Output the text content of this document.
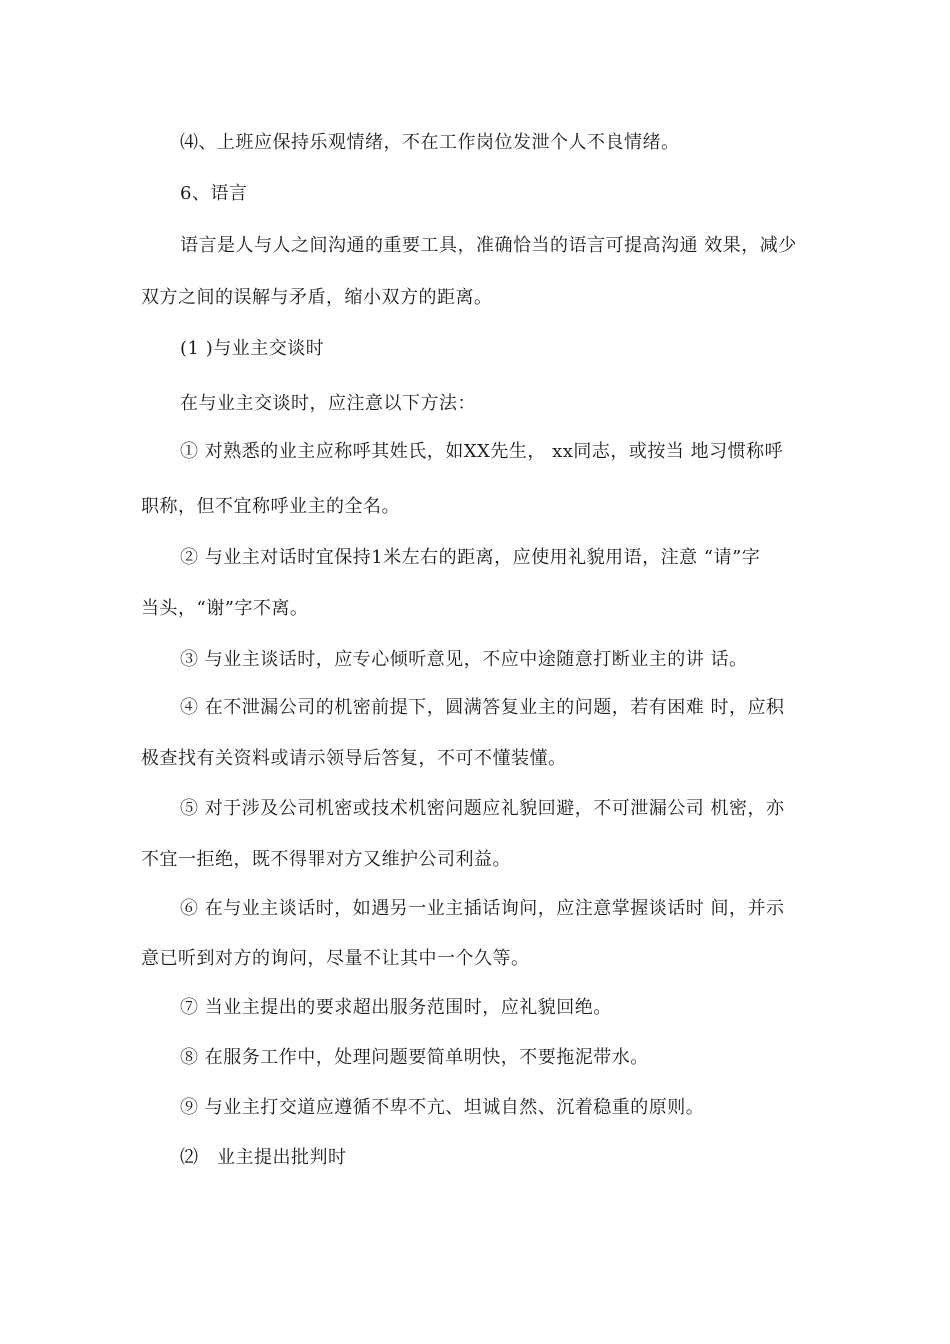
⑷、上班应保持乐观情绪，不在工作岗位发泄个人不良情绪。
6、语言
语言是人与人之间沟通的重要工具，准确恰当的语言可提高沟通 效果，减少
双方之间的误解与矛盾，缩小双方的距离。
(1 )与业主交谈时
在与业主交谈时，应注意以下方法：
① 对熟悉的业主应称呼其姓氏，如XX先生， xx同志，或按当 地习惯称呼
职称，但不宜称呼业主的全名。
② 与业主对话时宜保持1米左右的距离，应使用礼貌用语，注意 “请”字
当头，“谢”字不离。
③ 与业主谈话时，应专心倾听意见，不应中途随意打断业主的讲 话。
④ 在不泄漏公司的机密前提下，圆满答复业主的问题，若有困难 时，应积
极查找有关资料或请示领导后答复，不可不懂装懂。
⑤ 对于涉及公司机密或技术机密问题应礼貌回避，不可泄漏公司 机密，亦
不宜一拒绝，既不得罪对方又维护公司利益。
⑥ 在与业主谈话时，如遇另一业主插话询问，应注意掌握谈话时 间，并示
意已听到对方的询问，尽量不让其中一个久等。
⑦ 当业主提出的要求超出服务范围时，应礼貌回绝。
⑧ 在服务工作中，处理问题要简单明快，不要拖泥带水。
⑨ 与业主打交道应遵循不卑不亢、坦诚自然、沉着稳重的原则。
⑵　业主提出批判时
